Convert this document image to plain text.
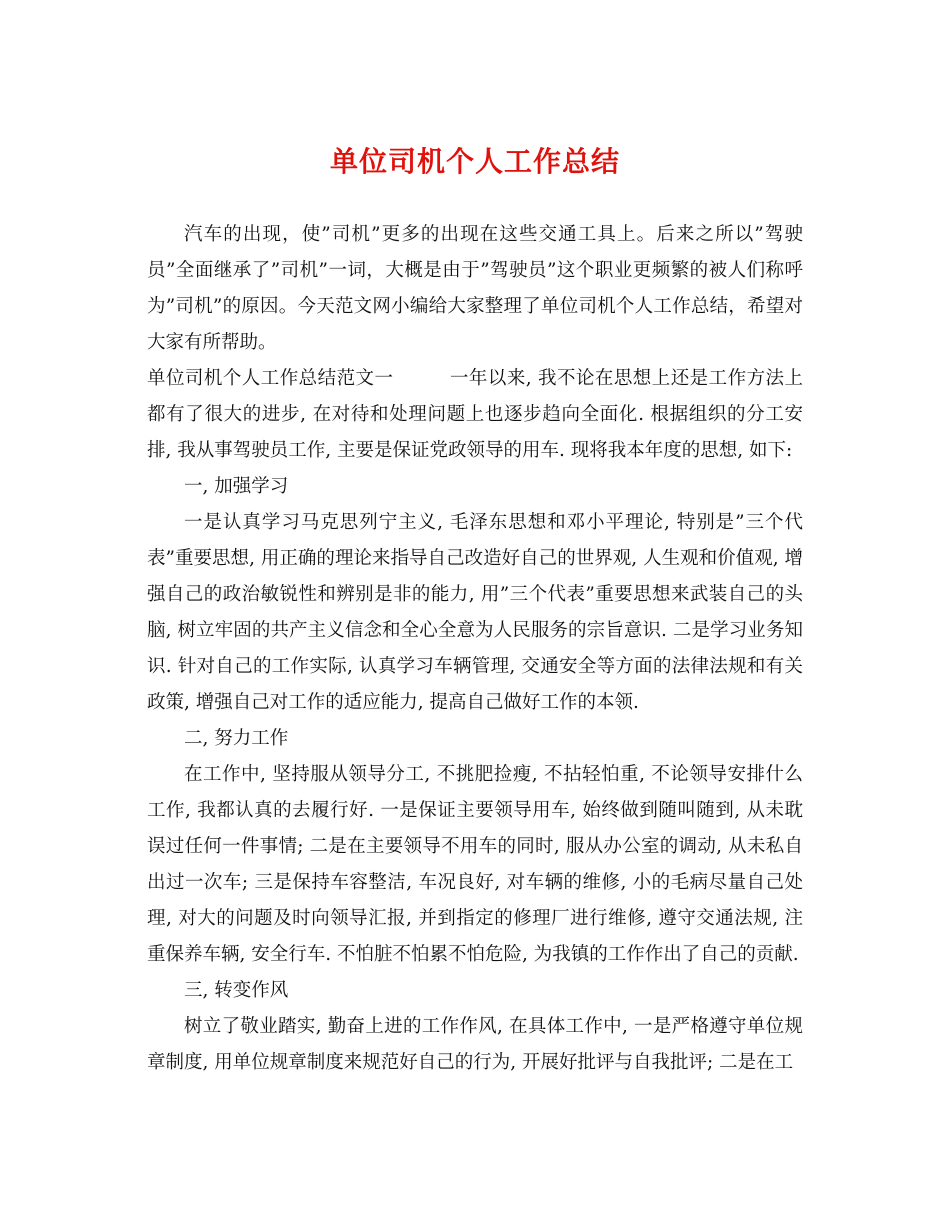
单位司机个人工作总结

汽车的出现，使”司机”更多的出现在这些交通工具上。后来之所以”驾驶员”全面继承了”司机”一词，大概是由于”驾驶员”这个职业更频繁的被人们称呼为”司机”的原因。今天范文网小编给大家整理了单位司机个人工作总结，希望对大家有所帮助。

单位司机个人工作总结范文一	一年以来, 我不论在思想上还是工作方法上都有了很大的进步, 在对待和处理问题上也逐步趋向全面化. 根据组织的分工安排, 我从事驾驶员工作, 主要是保证党政领导的用车. 现将我本年度的思想, 如下:

一, 加强学习

一是认真学习马克思列宁主义, 毛泽东思想和邓小平理论, 特别是”三个代表”重要思想, 用正确的理论来指导自己改造好自己的世界观, 人生观和价值观, 增强自己的政治敏锐性和辨别是非的能力, 用”三个代表”重要思想来武装自己的头脑, 树立牢固的共产主义信念和全心全意为人民服务的宗旨意识. 二是学习业务知识. 针对自己的工作实际, 认真学习车辆管理, 交通安全等方面的法律法规和有关政策, 增强自己对工作的适应能力, 提高自己做好工作的本领.

二, 努力工作

在工作中, 坚持服从领导分工, 不挑肥捡瘦, 不拈轻怕重, 不论领导安排什么工作, 我都认真的去履行好. 一是保证主要领导用车, 始终做到随叫随到, 从未耽误过任何一件事情; 二是在主要领导不用车的同时, 服从办公室的调动, 从未私自出过一次车; 三是保持车容整洁, 车况良好, 对车辆的维修, 小的毛病尽量自己处理, 对大的问题及时向领导汇报, 并到指定的修理厂进行维修, 遵守交通法规, 注重保养车辆, 安全行车. 不怕脏不怕累不怕危险, 为我镇的工作作出了自己的贡献.

三, 转变作风

树立了敬业踏实, 勤奋上进的工作作风, 在具体工作中, 一是严格遵守单位规章制度, 用单位规章制度来规范好自己的行为, 开展好批评与自我批评; 二是在工
